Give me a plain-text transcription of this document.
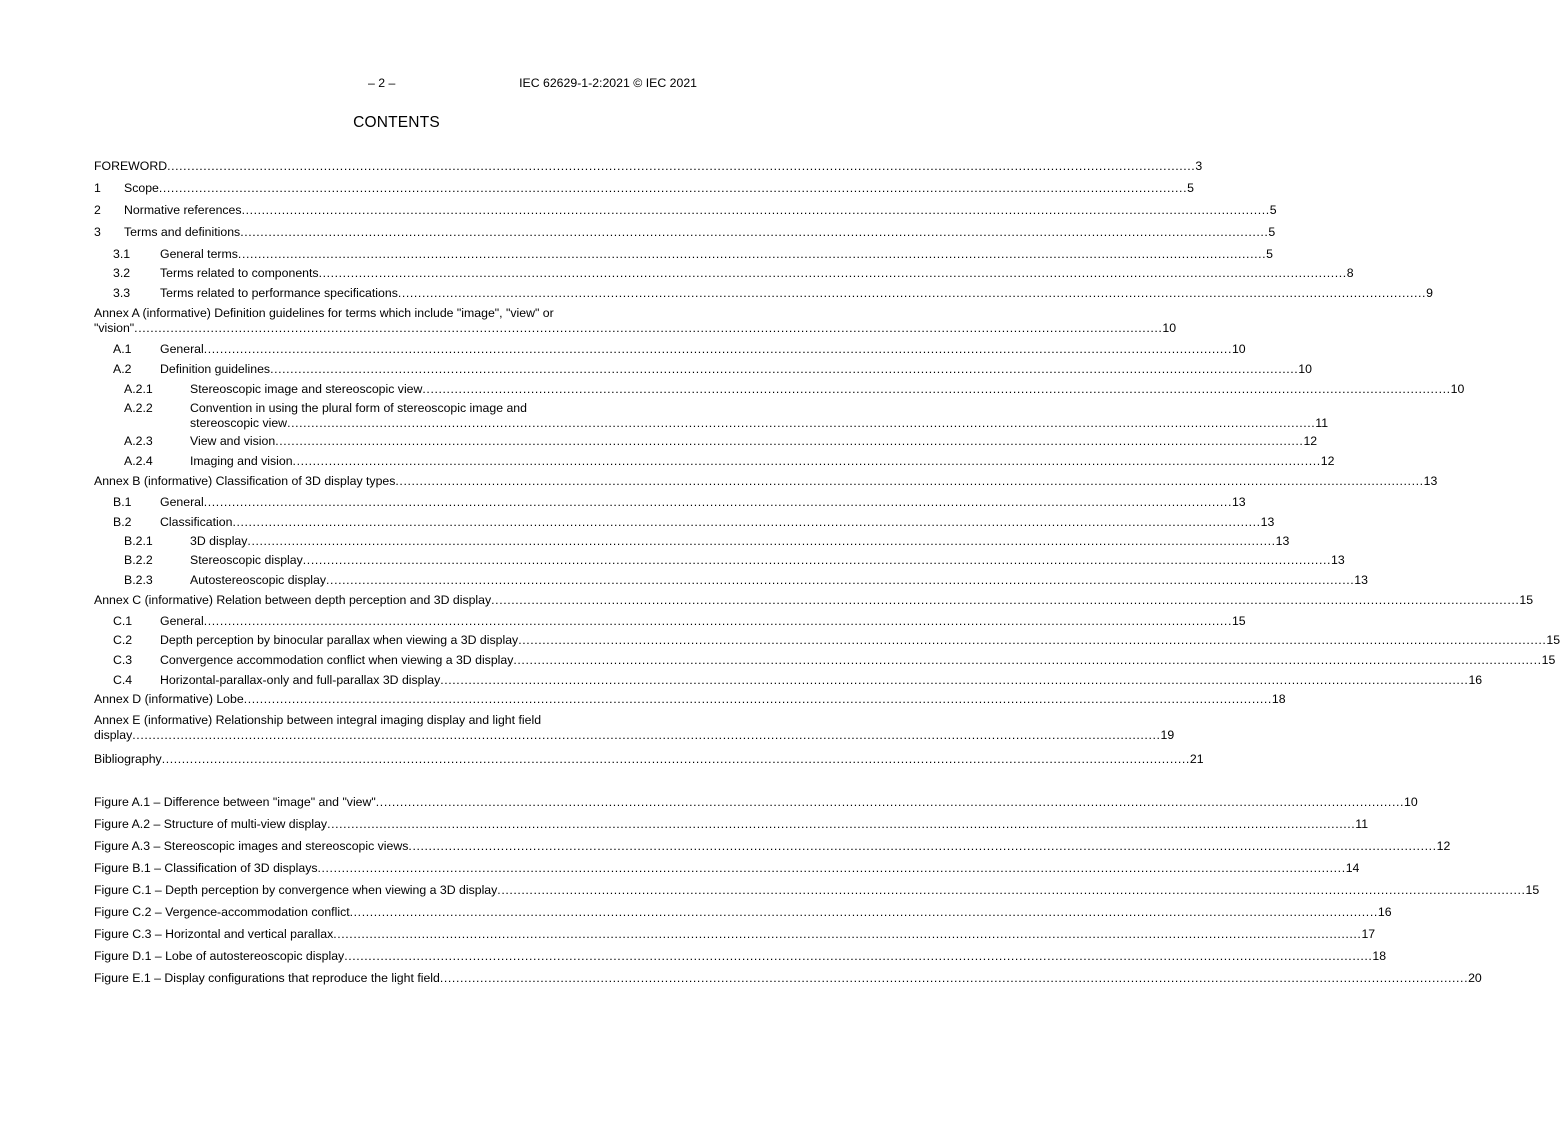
– 2 –	IEC 62629-1-2:2021 © IEC 2021
CONTENTS
FOREWORD .....	3
1	Scope .....	5
2	Normative references .....	5
3	Terms and definitions .....	5
3.1	General terms .....	5
3.2	Terms related to components .....	8
3.3	Terms related to performance specifications .....	9
Annex A (informative) Definition guidelines for terms which include "image", "view" or
"vision" .....	10
A.1	General .....	10
A.2	Definition guidelines .....	10
A.2.1	Stereoscopic image and stereoscopic view .....	10
A.2.2	Convention in using the plural form of stereoscopic image and
stereoscopic view .....	11
A.2.3	View and vision .....	12
A.2.4	Imaging and vision .....	12
Annex B (informative) Classification of 3D display types .....	13
B.1	General .....	13
B.2	Classification .....	13
B.2.1	3D display .....	13
B.2.2	Stereoscopic display .....	13
B.2.3	Autostereoscopic display .....	13
Annex C (informative) Relation between depth perception and 3D display .....	15
C.1	General .....	15
C.2	Depth perception by binocular parallax when viewing a 3D display .....	15
C.3	Convergence accommodation conflict when viewing a 3D display .....	15
C.4	Horizontal-parallax-only and full-parallax 3D display .....	16
Annex D (informative) Lobe .....	18
Annex E (informative) Relationship between integral imaging display and light field
display .....	19
Bibliography .....	21
Figure A.1 – Difference between "image" and "view" .....	10
Figure A.2 – Structure of multi-view display .....	11
Figure A.3 – Stereoscopic images and stereoscopic views .....	12
Figure B.1 – Classification of 3D displays .....	14
Figure C.1 – Depth perception by convergence when viewing a 3D display .....	15
Figure C.2 – Vergence-accommodation conflict .....	16
Figure C.3 – Horizontal and vertical parallax .....	17
Figure D.1 – Lobe of autostereoscopic display .....	18
Figure E.1 – Display configurations that reproduce the light field .....	20
